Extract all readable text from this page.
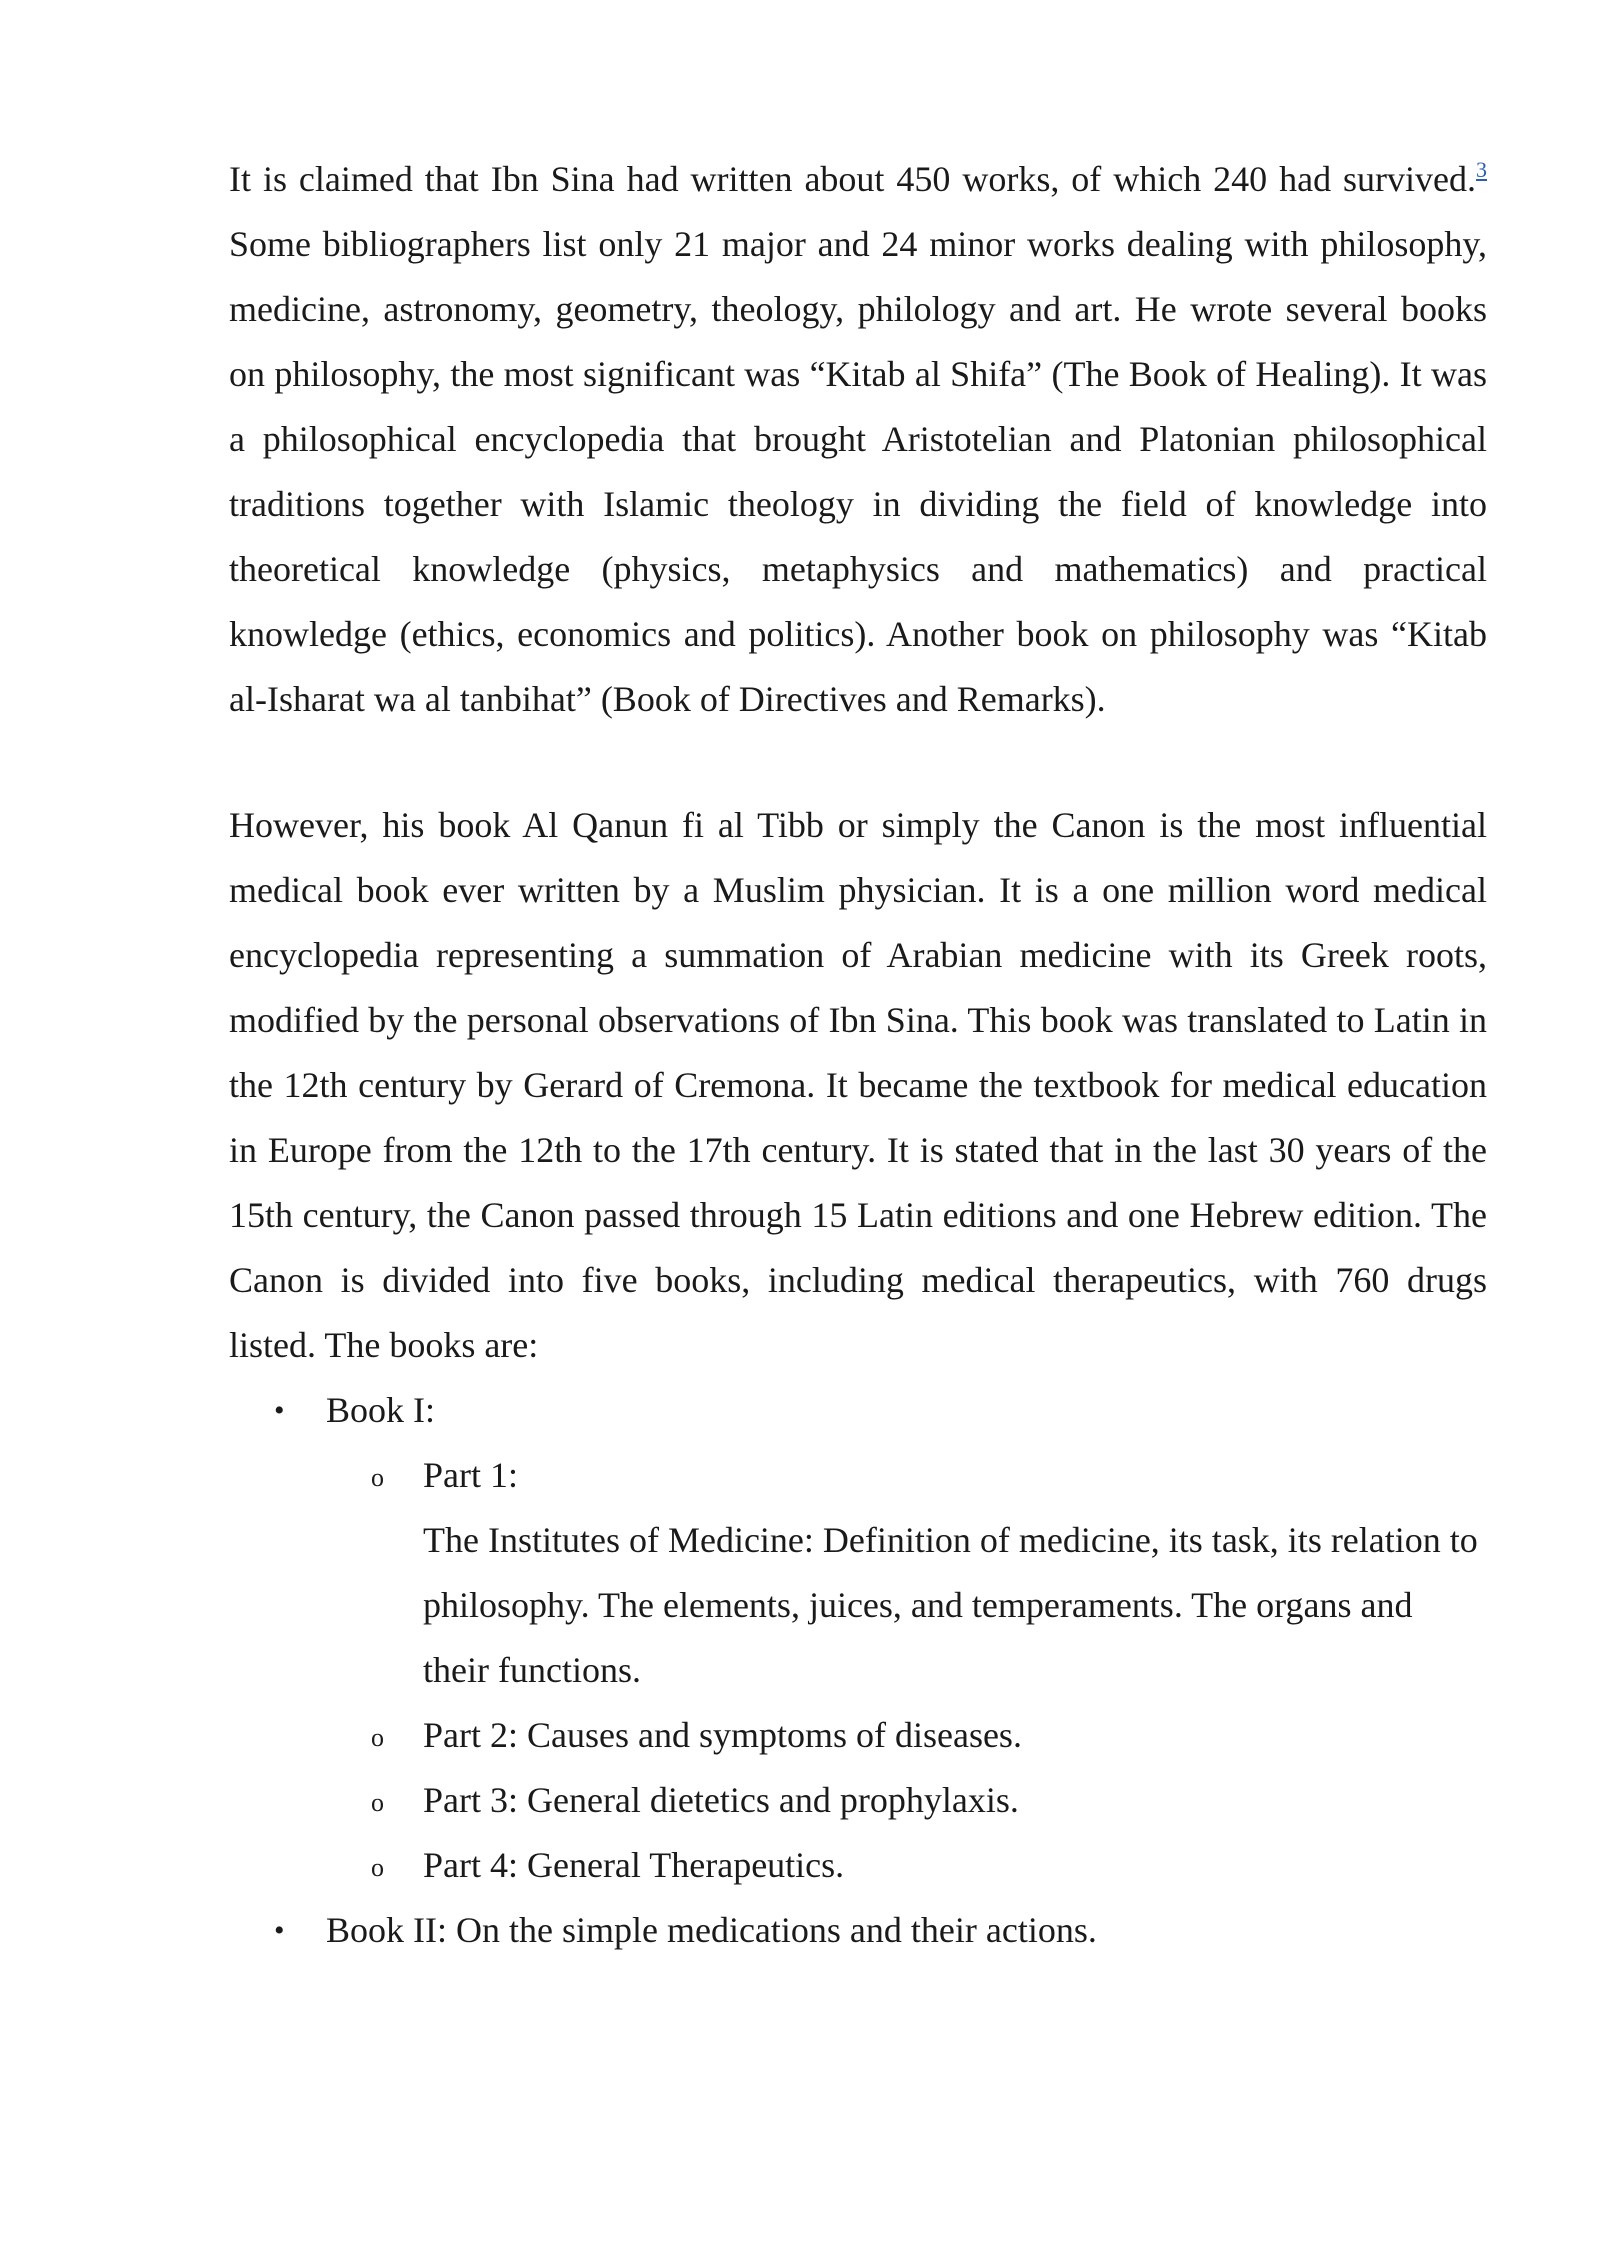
It is claimed that Ibn Sina had written about 450 works, of which 240 had survived.$^3$ Some bibliographers list only 21 major and 24 minor works dealing with philosophy, medicine, astronomy, geometry, theology, philology and art. He wrote several books on philosophy, the most significant was “Kitab al Shifa” (The Book of Healing). It was a philosophical encyclopedia that brought Aristotelian and Platonian philosophical traditions together with Islamic theology in dividing the field of knowledge into theoretical knowledge (physics, metaphysics and mathematics) and practical knowledge (ethics, economics and politics). Another book on philosophy was “Kitab al-Isharat wa al tanbihat” (Book of Directives and Remarks).

However, his book Al Qanun fi al Tibb or simply the Canon is the most influential medical book ever written by a Muslim physician. It is a one million word medical encyclopedia representing a summation of Arabian medicine with its Greek roots, modified by the personal observations of Ibn Sina. This book was translated to Latin in the 12th century by Gerard of Cremona. It became the textbook for medical education in Europe from the 12th to the 17th century. It is stated that in the last 30 years of the 15th century, the Canon passed through 15 Latin editions and one Hebrew edition. The Canon is divided into five books, including medical therapeutics, with 760 drugs listed. The books are:

• Book I:
o Part 1:
The Institutes of Medicine: Definition of medicine, its task, its relation to philosophy. The elements, juices, and temperaments. The organs and their functions.
o Part 2: Causes and symptoms of diseases.
o Part 3: General dietetics and prophylaxis.
o Part 4: General Therapeutics.
• Book II: On the simple medications and their actions.
